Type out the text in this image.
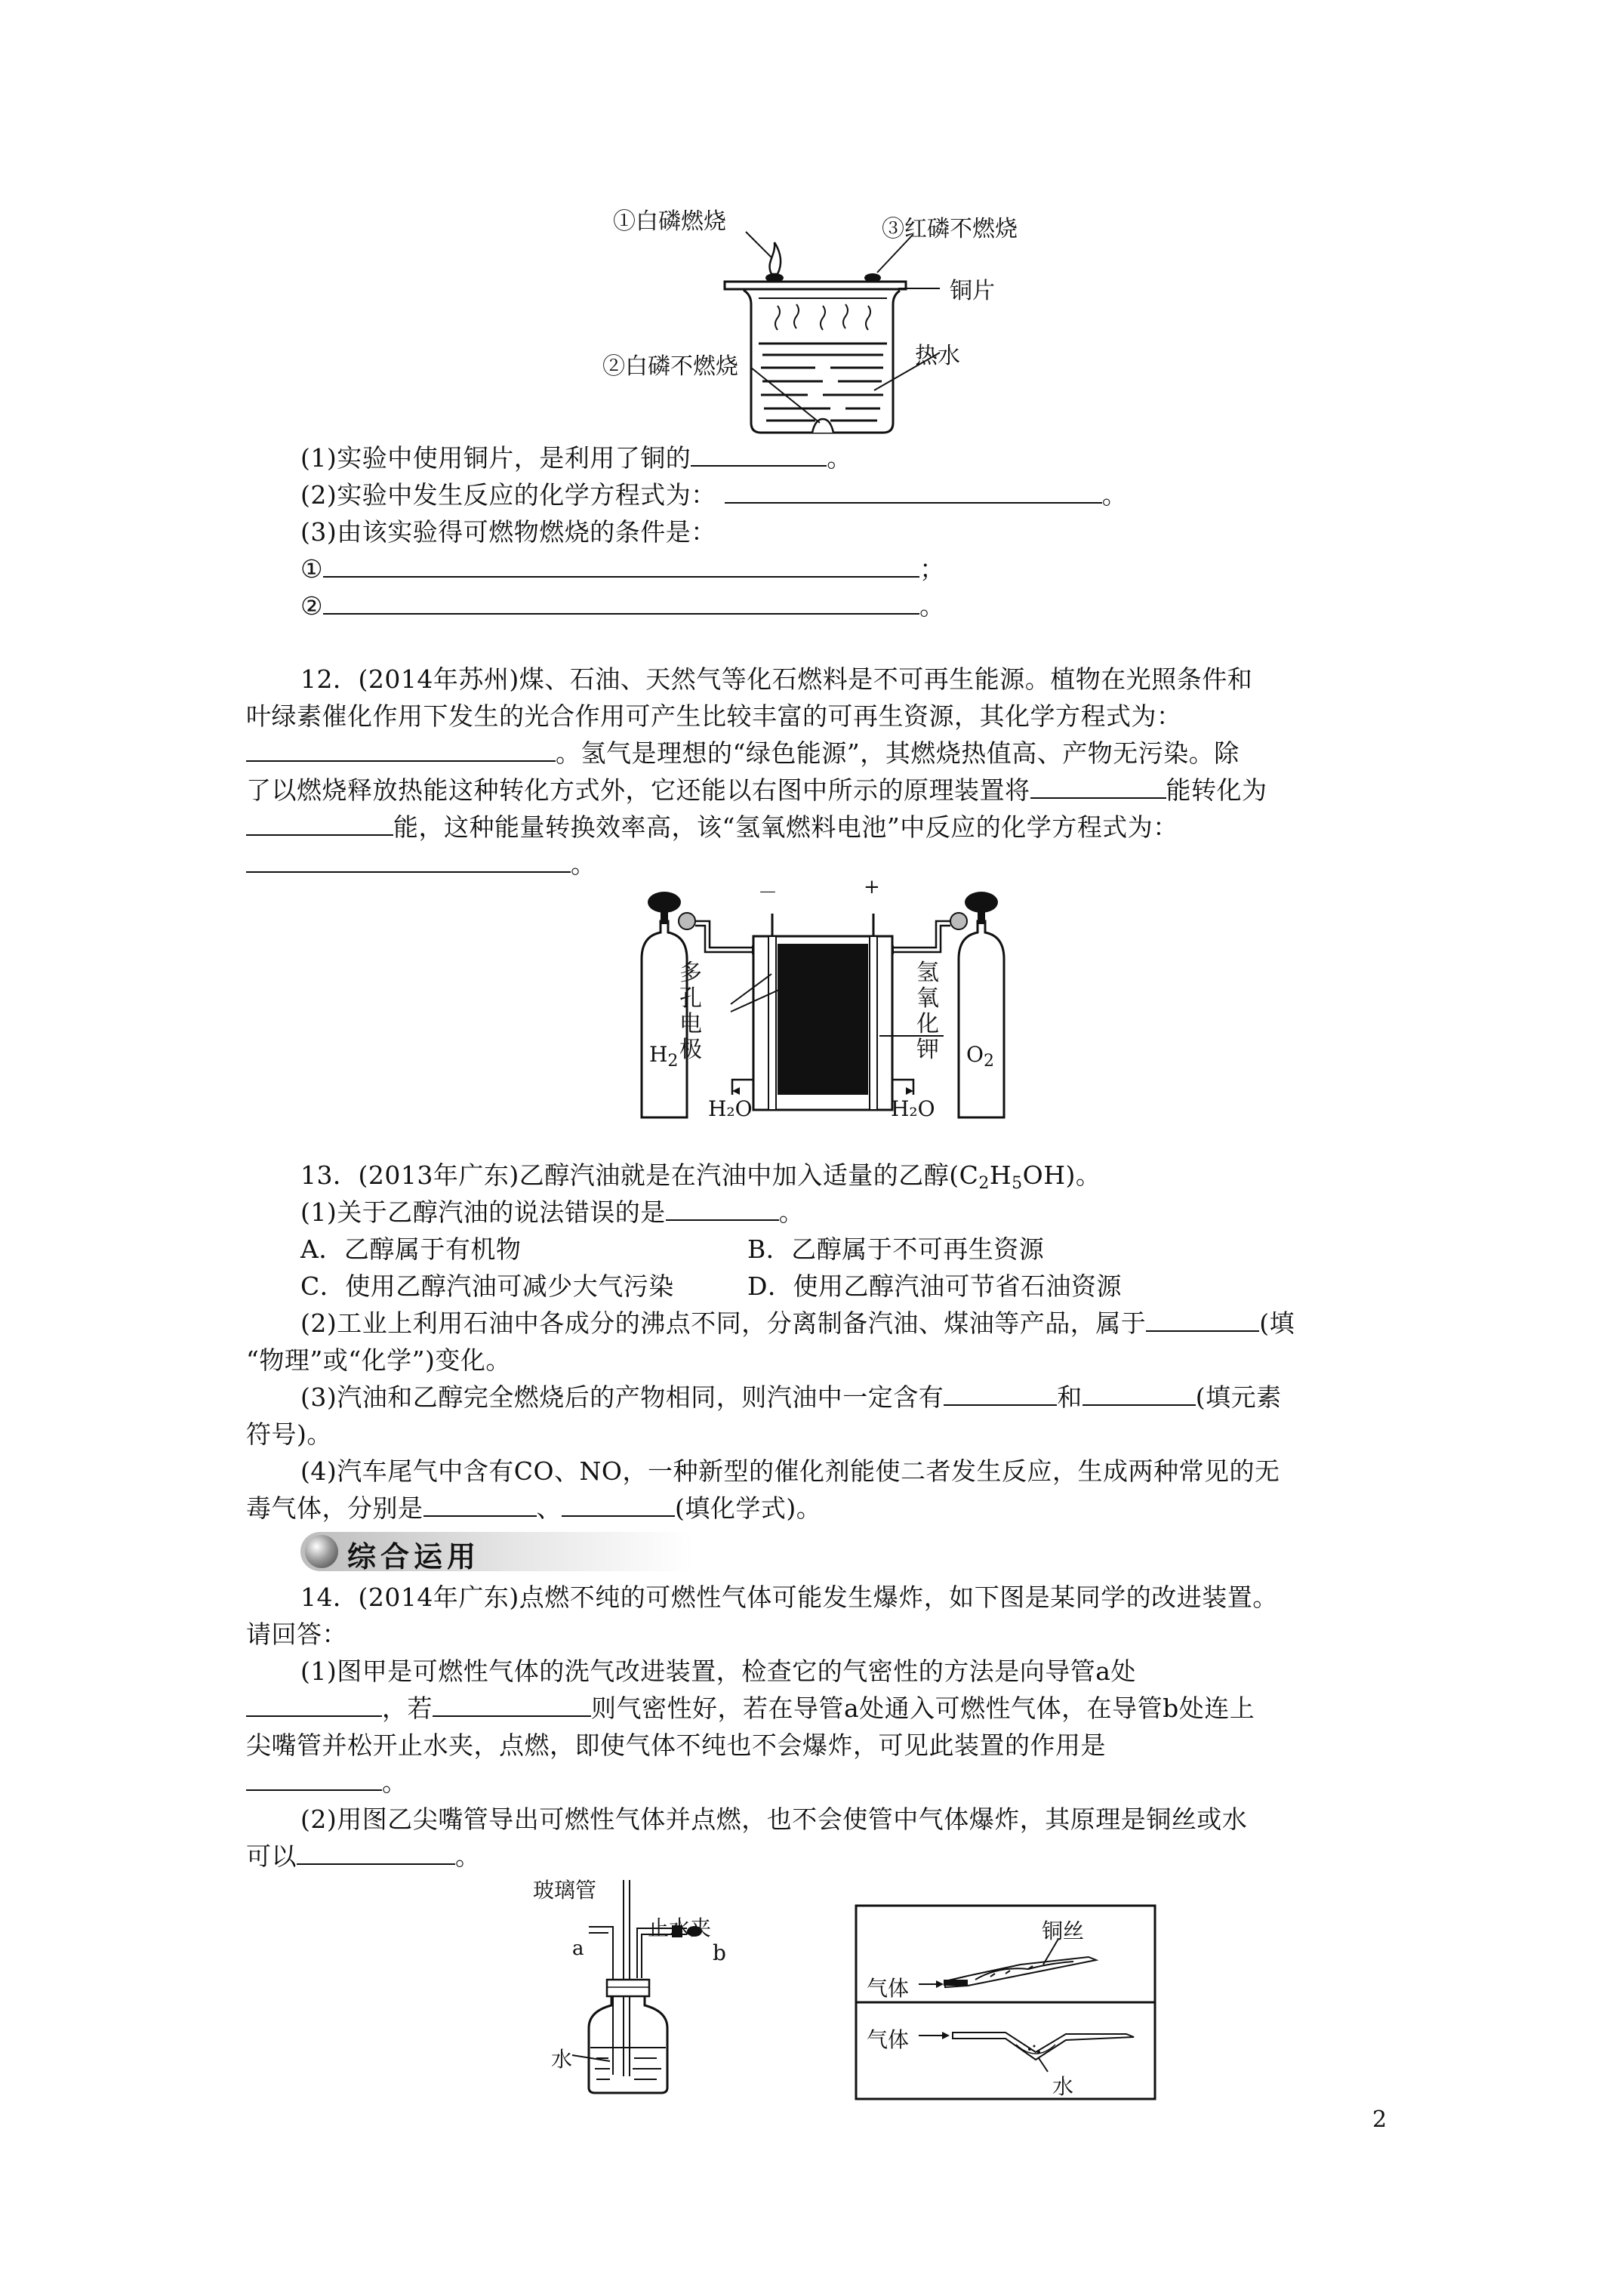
①白磷燃烧	③红磷不燃烧
铜片
②白磷不燃烧	热水
(1)实验中使用铜片，是利用了铜的	。
(2)实验中发生反应的化学方程式为：	。
(3)由该实验得可燃物燃烧的条件是：
①	；
②	。
12．(2014年苏州)煤、石油、天然气等化石燃料是不可再生能源。植物在光照条件和
叶绿素催化作用下发生的光合作用可产生比较丰富的可再生资源，其化学方程式为：
。氢气是理想的“绿色能源”，其燃烧热值高、产物无污染。除
了以燃烧释放热能这种转化方式外，它还能以右图中所示的原理装置将	能转化为
能，这种能量转换效率高，该“氢氧燃料电池”中反应的化学方程式为：
。
－	+
多
孔
电
极
氢
氧
化
钾
$H_2$	$O_2$
H₂O	H₂O
13．(2013年广东)乙醇汽油就是在汽油中加入适量的乙醇$(C_2H_5OH)$。
(1)关于乙醇汽油的说法错误的是	。
A．乙醇属于有机物	B．乙醇属于不可再生资源
C．使用乙醇汽油可减少大气污染	D．使用乙醇汽油可节省石油资源
(2)工业上利用石油中各成分的沸点不同，分离制备汽油、煤油等产品，属于	(填
“物理”或“化学”)变化。
(3)汽油和乙醇完全燃烧后的产物相同，则汽油中一定含有	和	(填元素
符号)。
(4)汽车尾气中含有CO、NO，一种新型的催化剂能使二者发生反应，生成两种常见的无
毒气体，分别是	、	(填化学式)。
综合运用
14．(2014年广东)点燃不纯的可燃性气体可能发生爆炸，如下图是某同学的改进装置。
请回答：
(1)图甲是可燃性气体的洗气改进装置，检查它的气密性的方法是向导管a处
，若	则气密性好，若在导管a处通入可燃性气体，在导管b处连上
尖嘴管并松开止水夹，点燃，即使气体不纯也不会爆炸，可见此装置的作用是
。
(2)用图乙尖嘴管导出可燃性气体并点燃，也不会使管中气体爆炸，其原理是铜丝或水
可以	。
玻璃管
止水夹
a	b
水
铜丝
气体
气体
水
2
